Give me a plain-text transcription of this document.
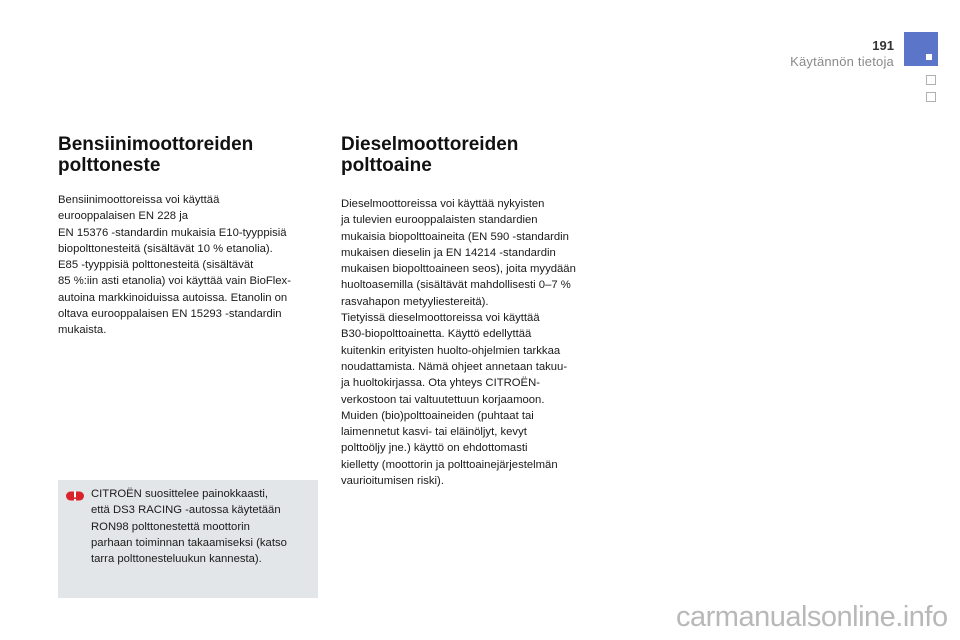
191
Käytännön tietoja
Bensiinimoottoreiden
polttoneste

Bensiinimoottoreissa voi käyttää
eurooppalaisen EN 228 ja
EN 15376 -standardin mukaisia E10-tyyppisiä
biopolttonesteitä (sisältävät 10 % etanolia).
E85 -tyyppisiä polttonesteitä (sisältävät
85 %:iin asti etanolia) voi käyttää vain BioFlex-
autoina markkinoiduissa autoissa. Etanolin on
oltava eurooppalaisen EN 15293 -standardin
mukaista.

Dieselmoottoreiden
polttoaine

Dieselmoottoreissa voi käyttää nykyisten
ja tulevien eurooppalaisten standardien
mukaisia biopolttoaineita (EN 590 -standardin
mukaisen dieselin ja EN 14214 -standardin
mukaisen biopolttoaineen seos), joita myydään
huoltoasemilla (sisältävät mahdollisesti 0–7 %
rasvahapon metyyliestereitä).
Tietyissä dieselmoottoreissa voi käyttää
B30-biopolttoainetta. Käyttö edellyttää
kuitenkin erityisten huolto-ohjelmien tarkkaa
noudattamista. Nämä ohjeet annetaan takuu-
ja huoltokirjassa. Ota yhteys CITROËN-
verkostoon tai valtuutettuun korjaamoon.
Muiden (bio)polttoaineiden (puhtaat tai
laimennetut kasvi- tai eläinöljyt, kevyt
polttoöljy jne.) käyttö on ehdottomasti
kielletty (moottorin ja polttoainejärjestelmän
vaurioitumisen riski).

CITROËN suosittelee painokkaasti,
että DS3 RACING -autossa käytetään
RON98 polttonestettä moottorin
parhaan toiminnan takaamiseksi (katso
tarra polttonesteluukun kannesta).

carmanualsonline.info
